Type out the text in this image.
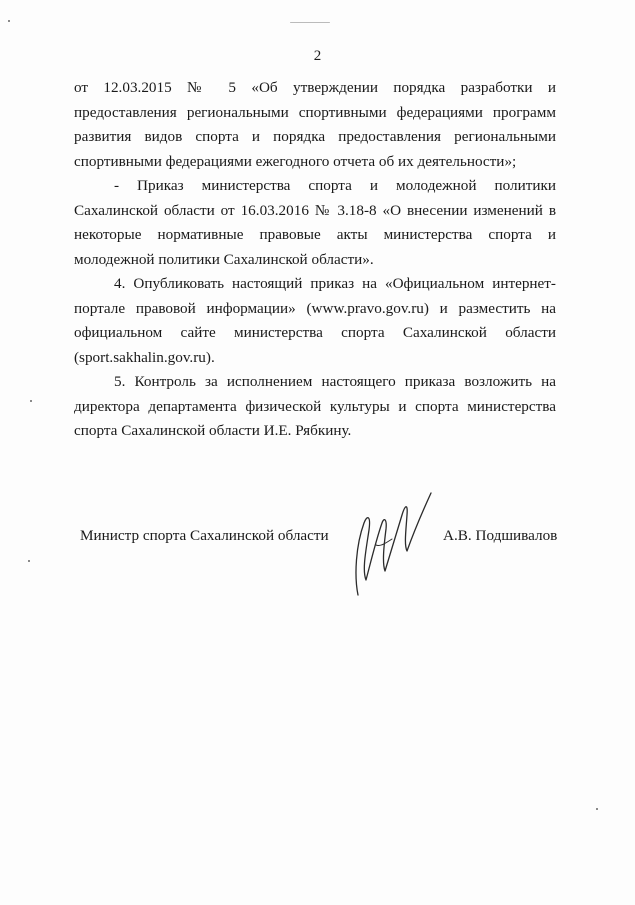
2

от 12.03.2015 № 5 «Об утверждении порядка разработки и предоставления региональными спортивными федерациями программ развития видов спорта и порядка предоставления региональными спортивными федерациями ежегодного отчета об их деятельности»;

- Приказ министерства спорта и молодежной политики Сахалинской области от 16.03.2016 № 3.18-8 «О внесении изменений в некоторые нормативные правовые акты министерства спорта и молодежной политики Сахалинской области».

4. Опубликовать настоящий приказ на «Официальном интернет-портале правовой информации» (www.pravo.gov.ru) и разместить на официальном сайте министерства спорта Сахалинской области (sport.sakhalin.gov.ru).

5. Контроль за исполнением настоящего приказа возложить на директора департамента физической культуры и спорта министерства спорта Сахалинской области И.Е. Рябкину.

Министр спорта Сахалинской области	А.В. Подшивалов
